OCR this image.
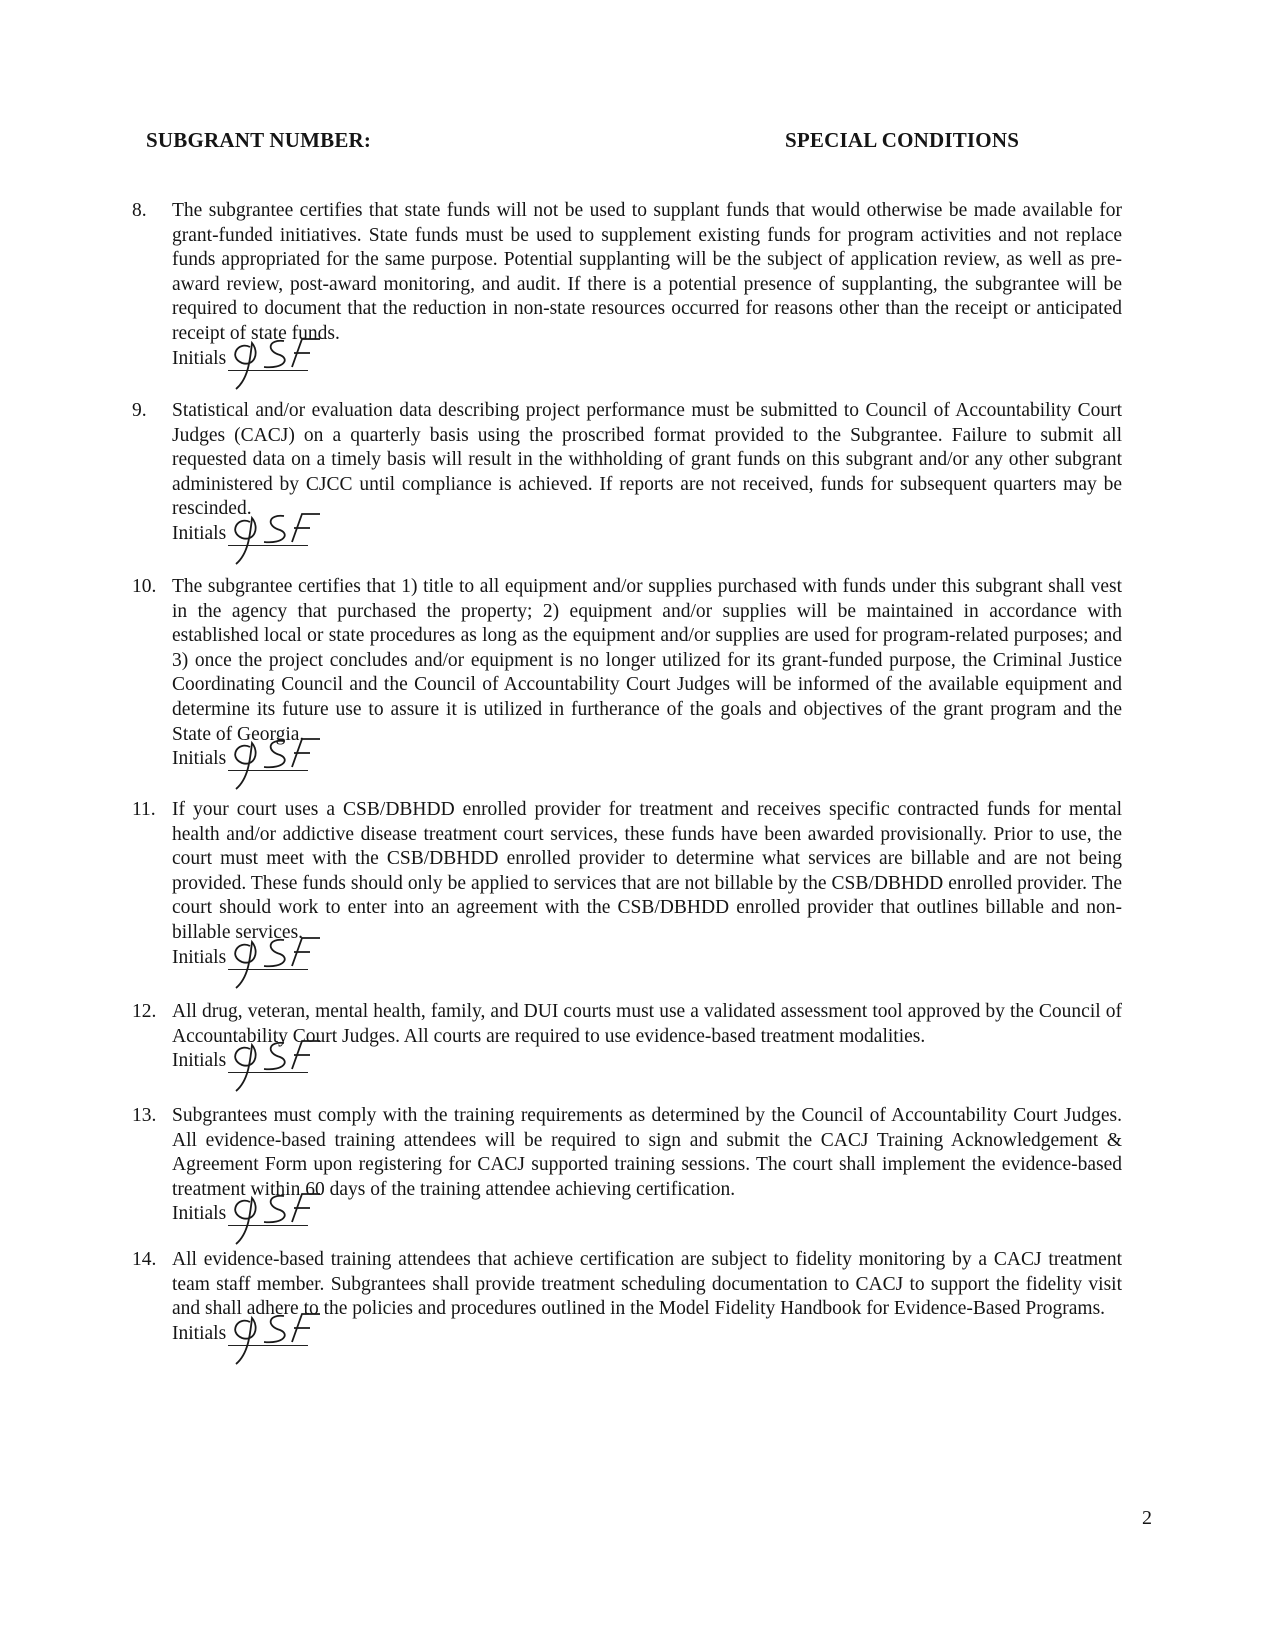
SUBGRANT NUMBER:	SPECIAL CONDITIONS
8. The subgrantee certifies that state funds will not be used to supplant funds that would otherwise be made available for grant-funded initiatives. State funds must be used to supplement existing funds for program activities and not replace funds appropriated for the same purpose. Potential supplanting will be the subject of application review, as well as pre-award review, post-award monitoring, and audit. If there is a potential presence of supplanting, the subgrantee will be required to document that the reduction in non-state resources occurred for reasons other than the receipt or anticipated receipt of state funds.
Initials
9. Statistical and/or evaluation data describing project performance must be submitted to Council of Accountability Court Judges (CACJ) on a quarterly basis using the proscribed format provided to the Subgrantee. Failure to submit all requested data on a timely basis will result in the withholding of grant funds on this subgrant and/or any other subgrant administered by CJCC until compliance is achieved. If reports are not received, funds for subsequent quarters may be rescinded.
Initials
10. The subgrantee certifies that 1) title to all equipment and/or supplies purchased with funds under this subgrant shall vest in the agency that purchased the property; 2) equipment and/or supplies will be maintained in accordance with established local or state procedures as long as the equipment and/or supplies are used for program-related purposes; and 3) once the project concludes and/or equipment is no longer utilized for its grant-funded purpose, the Criminal Justice Coordinating Council and the Council of Accountability Court Judges will be informed of the available equipment and determine its future use to assure it is utilized in furtherance of the goals and objectives of the grant program and the State of Georgia.
Initials
11. If your court uses a CSB/DBHDD enrolled provider for treatment and receives specific contracted funds for mental health and/or addictive disease treatment court services, these funds have been awarded provisionally. Prior to use, the court must meet with the CSB/DBHDD enrolled provider to determine what services are billable and are not being provided. These funds should only be applied to services that are not billable by the CSB/DBHDD enrolled provider. The court should work to enter into an agreement with the CSB/DBHDD enrolled provider that outlines billable and non-billable services.
Initials
12. All drug, veteran, mental health, family, and DUI courts must use a validated assessment tool approved by the Council of Accountability Court Judges. All courts are required to use evidence-based treatment modalities.
Initials
13. Subgrantees must comply with the training requirements as determined by the Council of Accountability Court Judges. All evidence-based training attendees will be required to sign and submit the CACJ Training Acknowledgement & Agreement Form upon registering for CACJ supported training sessions. The court shall implement the evidence-based treatment within 60 days of the training attendee achieving certification.
Initials
14. All evidence-based training attendees that achieve certification are subject to fidelity monitoring by a CACJ treatment team staff member. Subgrantees shall provide treatment scheduling documentation to CACJ to support the fidelity visit and shall adhere to the policies and procedures outlined in the Model Fidelity Handbook for Evidence-Based Programs.
Initials
2
